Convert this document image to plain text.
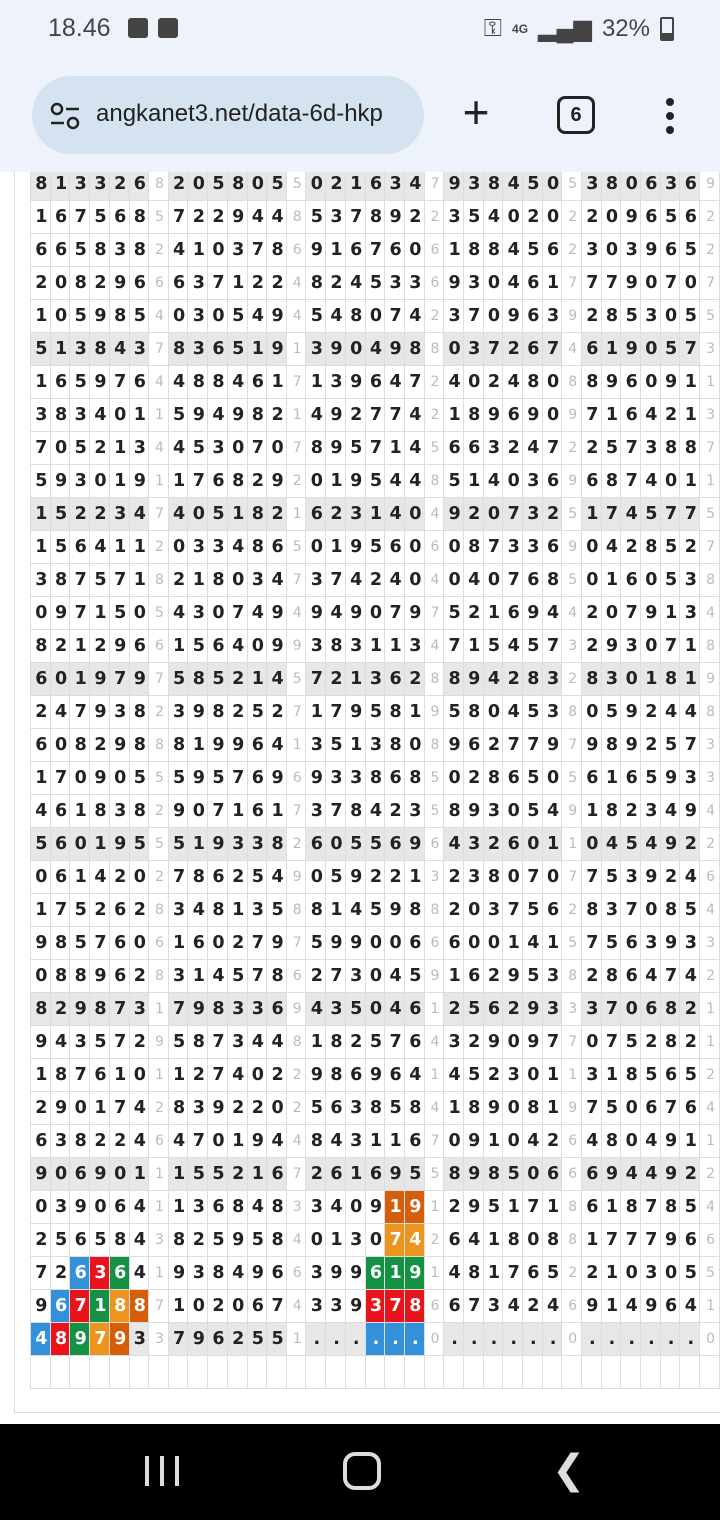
18.46	⚿ 4G ▂▄▆ 32%
angkanet3.net/data-6d-hkp	+	6
8	1	3	3	2	6	8	2	0	5	8	0	5	5	0	2	1	6	3	4	7	9	3	8	4	5	0	5	3	8	0	6	3	6	9
1	6	7	5	6	8	5	7	2	2	9	4	4	8	5	3	7	8	9	2	2	3	5	4	0	2	0	2	2	0	9	6	5	6	2
6	6	5	8	3	8	2	4	1	0	3	7	8	6	9	1	6	7	6	0	6	1	8	8	4	5	6	2	3	0	3	9	6	5	2
2	0	8	2	9	6	6	6	3	7	1	2	2	4	8	2	4	5	3	3	6	9	3	0	4	6	1	7	7	7	9	0	7	0	7
1	0	5	9	8	5	4	0	3	0	5	4	9	4	5	4	8	0	7	4	2	3	7	0	9	6	3	9	2	8	5	3	0	5	5
5	1	3	8	4	3	7	8	3	6	5	1	9	1	3	9	0	4	9	8	8	0	3	7	2	6	7	4	6	1	9	0	5	7	3
1	6	5	9	7	6	4	4	8	8	4	6	1	7	1	3	9	6	4	7	2	4	0	2	4	8	0	8	8	9	6	0	9	1	1
3	8	3	4	0	1	1	5	9	4	9	8	2	1	4	9	2	7	7	4	2	1	8	9	6	9	0	9	7	1	6	4	2	1	3
7	0	5	2	1	3	4	4	5	3	0	7	0	7	8	9	5	7	1	4	5	6	6	3	2	4	7	2	2	5	7	3	8	8	7
5	9	3	0	1	9	1	1	7	6	8	2	9	2	0	1	9	5	4	4	8	5	1	4	0	3	6	9	6	8	7	4	0	1	1
1	5	2	2	3	4	7	4	0	5	1	8	2	1	6	2	3	1	4	0	4	9	2	0	7	3	2	5	1	7	4	5	7	7	5
1	5	6	4	1	1	2	0	3	3	4	8	6	5	0	1	9	5	6	0	6	0	8	7	3	3	6	9	0	4	2	8	5	2	7
3	8	7	5	7	1	8	2	1	8	0	3	4	7	3	7	4	2	4	0	4	0	4	0	7	6	8	5	0	1	6	0	5	3	8
0	9	7	1	5	0	5	4	3	0	7	4	9	4	9	4	9	0	7	9	7	5	2	1	6	9	4	4	2	0	7	9	1	3	4
8	2	1	2	9	6	6	1	5	6	4	0	9	9	3	8	3	1	1	3	4	7	1	5	4	5	7	3	2	9	3	0	7	1	8
6	0	1	9	7	9	7	5	8	5	2	1	4	5	7	2	1	3	6	2	8	8	9	4	2	8	3	2	8	3	0	1	8	1	9
2	4	7	9	3	8	2	3	9	8	2	5	2	7	1	7	9	5	8	1	9	5	8	0	4	5	3	8	0	5	9	2	4	4	8
6	0	8	2	9	8	8	8	1	9	9	6	4	1	3	5	1	3	8	0	8	9	6	2	7	7	9	7	9	8	9	2	5	7	3
1	7	0	9	0	5	5	5	9	5	7	6	9	6	9	3	3	8	6	8	5	0	2	8	6	5	0	5	6	1	6	5	9	3	3
4	6	1	8	3	8	2	9	0	7	1	6	1	7	3	7	8	4	2	3	5	8	9	3	0	5	4	9	1	8	2	3	4	9	4
5	6	0	1	9	5	5	5	1	9	3	3	8	2	6	0	5	5	6	9	6	4	3	2	6	0	1	1	0	4	5	4	9	2	2
0	6	1	4	2	0	2	7	8	6	2	5	4	9	0	5	9	2	2	1	3	2	3	8	0	7	0	7	7	5	3	9	2	4	6
1	7	5	2	6	2	8	3	4	8	1	3	5	8	8	1	4	5	9	8	8	2	0	3	7	5	6	2	8	3	7	0	8	5	4
9	8	5	7	6	0	6	1	6	0	2	7	9	7	5	9	9	0	0	6	6	6	0	0	1	4	1	5	7	5	6	3	9	3	3
0	8	8	9	6	2	8	3	1	4	5	7	8	6	2	7	3	0	4	5	9	1	6	2	9	5	3	8	2	8	6	4	7	4	2
8	2	9	8	7	3	1	7	9	8	3	3	6	9	4	3	5	0	4	6	1	2	5	6	2	9	3	3	3	7	0	6	8	2	1
9	4	3	5	7	2	9	5	8	7	3	4	4	8	1	8	2	5	7	6	4	3	2	9	0	9	7	7	0	7	5	2	8	2	1
1	8	7	6	1	0	1	1	2	7	4	0	2	2	9	8	6	9	6	4	1	4	5	2	3	0	1	1	3	1	8	5	6	5	2
2	9	0	1	7	4	2	8	3	9	2	2	0	2	5	6	3	8	5	8	4	1	8	9	0	8	1	9	7	5	0	6	7	6	4
6	3	8	2	2	4	6	4	7	0	1	9	4	4	8	4	3	1	1	6	7	0	9	1	0	4	2	6	4	8	0	4	9	1	1
9	0	6	9	0	1	1	1	5	5	2	1	6	7	2	6	1	6	9	5	5	8	9	8	5	0	6	6	6	9	4	4	9	2	2
0	3	9	0	6	4	1	1	3	6	8	4	8	3	3	4	0	9	1	9	1	2	9	5	1	7	1	8	6	1	8	7	8	5	4
2	5	6	5	8	4	3	8	2	5	9	5	8	4	0	1	3	0	7	4	2	6	4	1	8	0	8	8	1	7	7	7	9	6	6
7	2	6	3	6	4	1	9	3	8	4	9	6	6	3	9	9	6	1	9	1	4	8	1	7	6	5	2	2	1	0	3	0	5	5
9	6	7	1	8	8	7	1	0	2	0	6	7	4	3	3	9	3	7	8	6	6	7	3	4	2	4	6	9	1	4	9	6	4	1
4	8	9	7	9	3	3	7	9	6	2	5	5	1	.	.	.	.	.	.	0	.	.	.	.	.	.	0	.	.	.	.	.	.	0

❮
